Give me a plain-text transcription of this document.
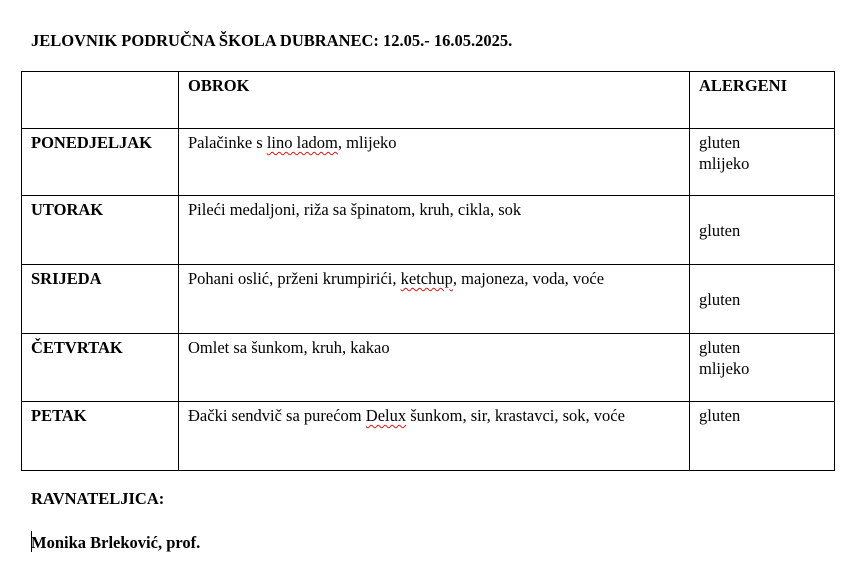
JELOVNIK PODRUČNA ŠKOLA DUBRANEC: 12.05.- 16.05.2025.
	OBROK	ALERGENI
PONEDJELJAK	Palačinke s lino ladom, mlijeko	gluten
mlijeko

UTORAK	Pileći medaljoni, riža sa špinatom, kruh, cikla, sok	gluten

SRIJEDA	Pohani oslić, prženi krumpirići, ketchup, majoneza, voda, voće	gluten

ČETVRTAK	Omlet sa šunkom, kruh, kakao	gluten
mlijeko

PETAK	Đački sendvič sa purećom Delux šunkom, sir, krastavci, sok, voće	gluten
RAVNATELJICA:
Monika Brleković, prof.
